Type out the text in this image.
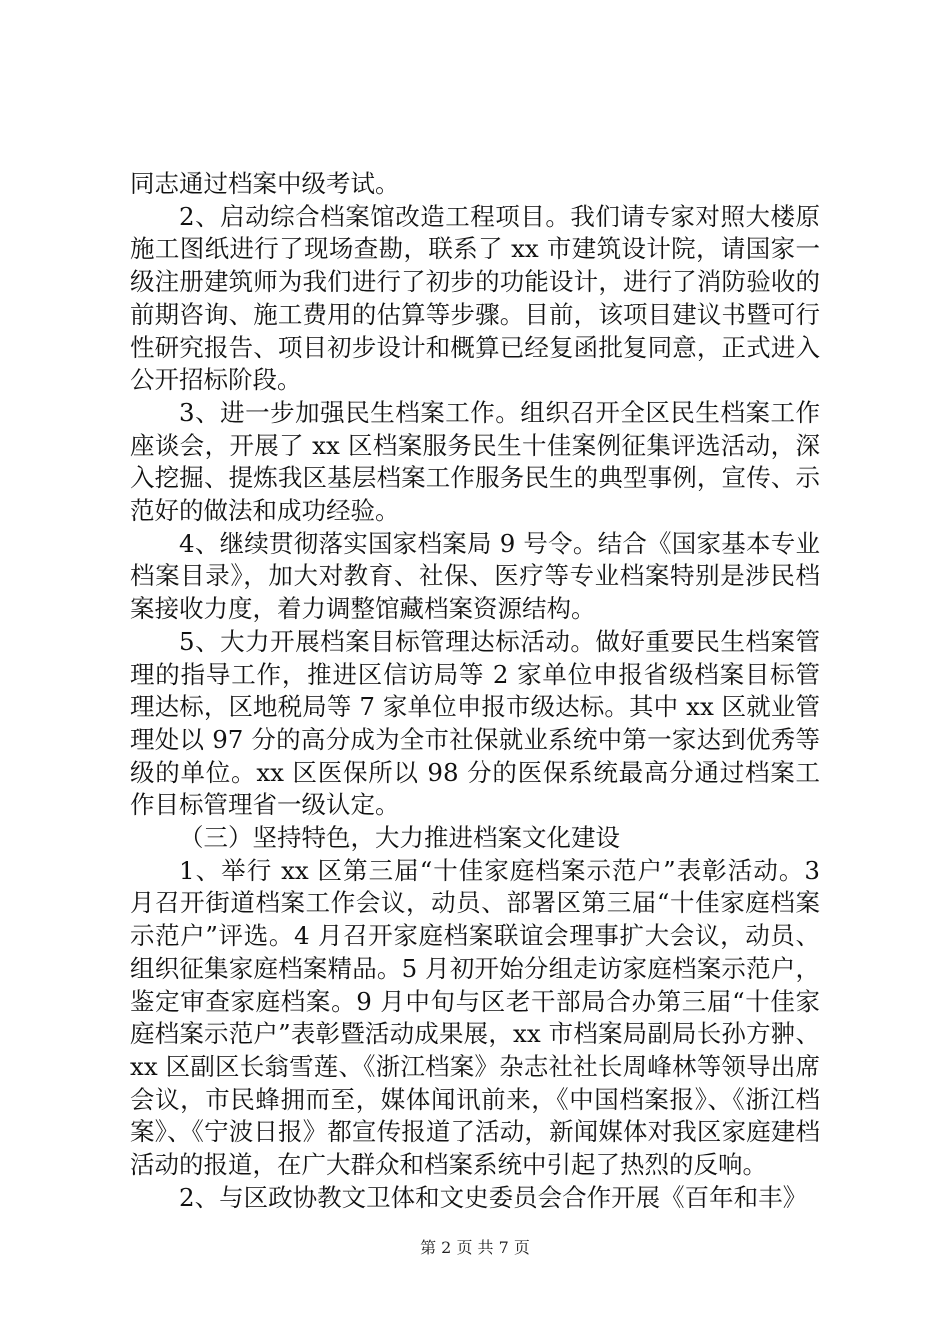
同志通过档案中级考试。

2、启动综合档案馆改造工程项目。我们请专家对照大楼原施工图纸进行了现场查勘，联系了 xx 市建筑设计院，请国家一级注册建筑师为我们进行了初步的功能设计，进行了消防验收的前期咨询、施工费用的估算等步骤。目前，该项目建议书暨可行性研究报告、项目初步设计和概算已经复函批复同意，正式进入公开招标阶段。

3、进一步加强民生档案工作。组织召开全区民生档案工作座谈会，开展了 xx 区档案服务民生十佳案例征集评选活动，深入挖掘、提炼我区基层档案工作服务民生的典型事例，宣传、示范好的做法和成功经验。

4、继续贯彻落实国家档案局 9 号令。结合《国家基本专业档案目录》，加大对教育、社保、医疗等专业档案特别是涉民档案接收力度，着力调整馆藏档案资源结构。

5、大力开展档案目标管理达标活动。做好重要民生档案管理的指导工作，推进区信访局等 2 家单位申报省级档案目标管理达标，区地税局等 7 家单位申报市级达标。其中 xx 区就业管理处以 97 分的高分成为全市社保就业系统中第一家达到优秀等级的单位。xx 区医保所以 98 分的医保系统最高分通过档案工作目标管理省一级认定。

（三）坚持特色，大力推进档案文化建设

1、举行 xx 区第三届“十佳家庭档案示范户”表彰活动。3 月召开街道档案工作会议，动员、部署区第三届“十佳家庭档案示范户”评选。4 月召开家庭档案联谊会理事扩大会议，动员、组织征集家庭档案精品。5 月初开始分组走访家庭档案示范户，鉴定审查家庭档案。9 月中旬与区老干部局合办第三届“十佳家庭档案示范户”表彰暨活动成果展，xx 市档案局副局长孙方翀、xx 区副区长翁雪莲、《浙江档案》杂志社社长周峰林等领导出席会议，市民蜂拥而至，媒体闻讯前来，《中国档案报》、《浙江档案》、《宁波日报》都宣传报道了活动，新闻媒体对我区家庭建档活动的报道，在广大群众和档案系统中引起了热烈的反响。

2、与区政协教文卫体和文史委员会合作开展《百年和丰》

第 2 页 共 7 页
